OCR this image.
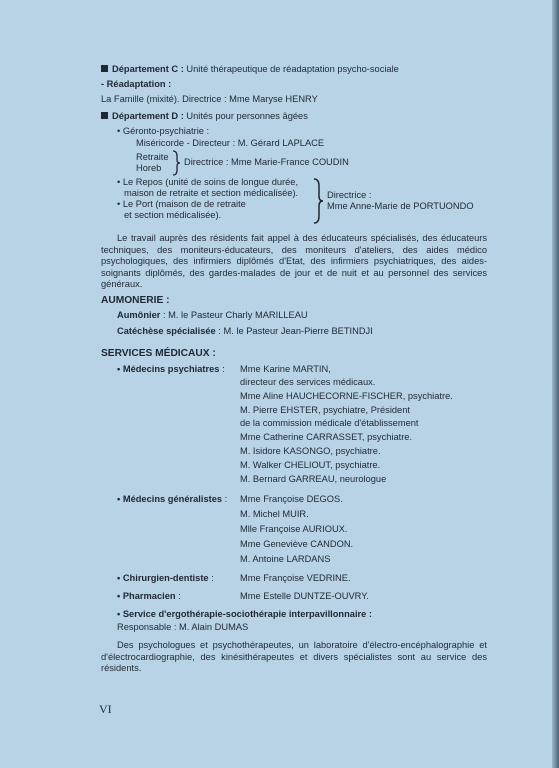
Département C : Unité thérapeutique de réadaptation psycho-sociale
- Réadaptation :
La Famille (mixité). Directrice : Mme Maryse HENRY
Département D : Unités pour personnes âgées
• Géronto-psychiatrie :
Miséricorde - Directeur : M. Gérard LAPLACE
Retraite
Horeb
Directrice : Mme Marie-France COUDIN
• Le Repos (unité de soins de longue durée,
maison de retraite et section médicalisée).
• Le Port (maison de de retraite
et section médicalisée).
Directrice :
Mme Anne-Marie de PORTUONDO
Le travail auprès des résidents fait appel à des éducateurs spécialisés, des éducateurs techniques, des moniteurs-éducateurs, des moniteurs d'ateliers, des aides médico psychologiques, des infirmiers diplômés d'Etat, des infirmiers psychiatriques, des aides-soignants diplômés, des gardes-malades de jour et de nuit et au personnel des services généraux.
AUMONERIE :
Aumônier : M. le Pasteur Charly MARILLEAU
Catéchèse spécialisée : M. le Pasteur Jean-Pierre BETINDJI
SERVICES MÉDICAUX :
• Médecins psychiatres : Mme Karine MARTIN,
directeur des services médicaux.
Mme Aline HAUCHECORNE-FISCHER, psychiatre.
M. Pierre EHSTER, psychiatre, Président
de la commission médicale d'établissement
Mme Catherine CARRASSET, psychiatre.
M. Isidore KASONGO, psychiatre.
M. Walker CHELIOUT, psychiatre.
M. Bernard GARREAU, neurologue
• Médecins généralistes : Mme Françoise DEGOS.
M. Michel MUIR.
Mlle Françoise AURIOUX.
Mme Geneviève CANDON.
M. Antoine LARDANS
• Chirurgien-dentiste :	Mme Françoise VEDRINE.
• Pharmacien :	Mme Estelle DUNTZE-OUVRY.
• Service d'ergothérapie-sociothérapie interpavillonnaire :
Responsable : M. Alain DUMAS
Des psychologues et psychothérapeutes, un laboratoire d'électro-encéphalographie et d'électrocardiographie, des kinésithérapeutes et divers spécialistes sont au service des résidents.
VI
